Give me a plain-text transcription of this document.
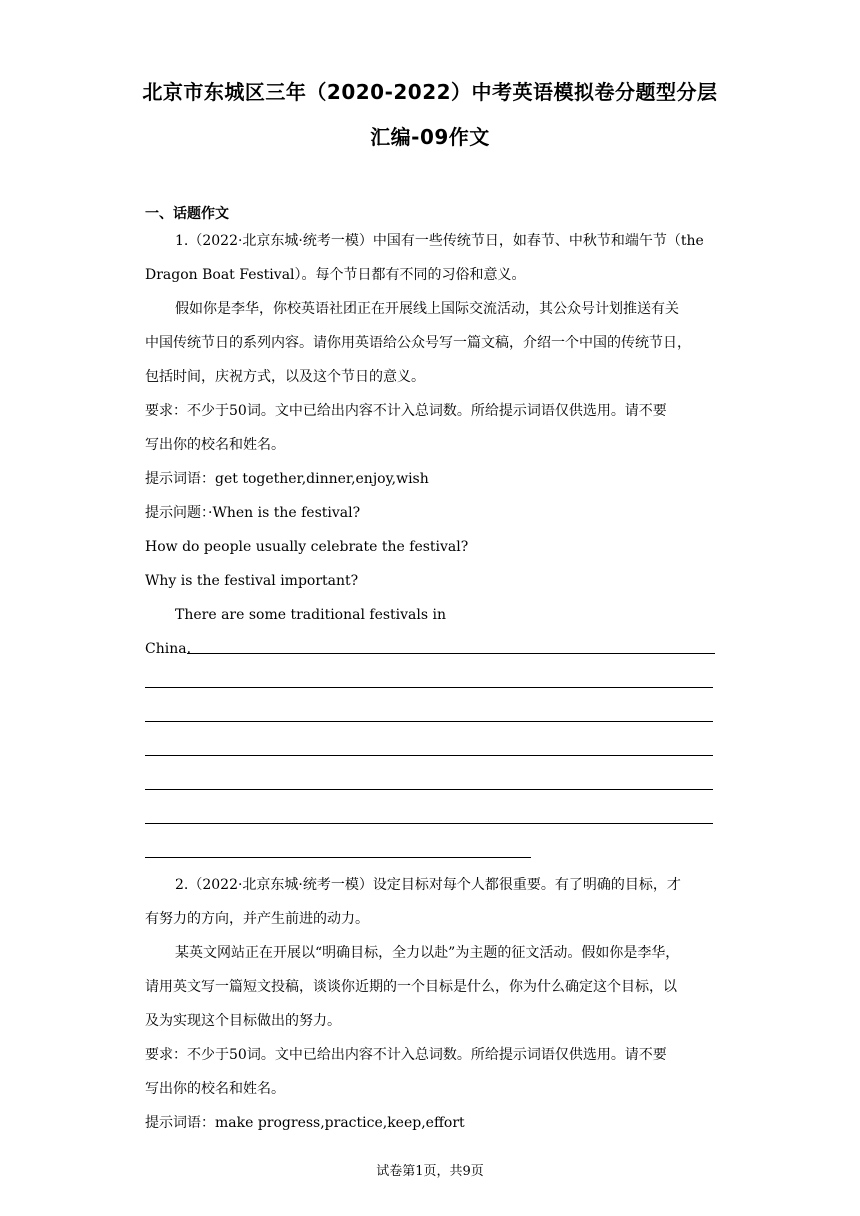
北京市东城区三年（2020-2022）中考英语模拟卷分题型分层
汇编-09作文
一、话题作文
1.（2022·北京东城·统考一模）中国有一些传统节日，如春节、中秋节和端午节（the
Dragon Boat Festival）。每个节日都有不同的习俗和意义。
假如你是李华，你校英语社团正在开展线上国际交流活动，其公众号计划推送有关
中国传统节日的系列内容。请你用英语给公众号写一篇文稿，介绍一个中国的传统节日，
包括时间，庆祝方式，以及这个节日的意义。
要求：不少于50词。文中已给出内容不计入总词数。所给提示词语仅供选用。请不要
写出你的校名和姓名。
提示词语：get together,dinner,enjoy,wish
提示问题：·When is the festival?
How do people usually celebrate the festival?
Why is the festival important?
There are some traditional festivals in
China.
2.（2022·北京东城·统考一模）设定目标对每个人都很重要。有了明确的目标，才
有努力的方向，并产生前进的动力。
某英文网站正在开展以“明确目标，全力以赴”为主题的征文活动。假如你是李华，
请用英文写一篇短文投稿，谈谈你近期的一个目标是什么，你为什么确定这个目标，以
及为实现这个目标做出的努力。
要求：不少于50词。文中已给出内容不计入总词数。所给提示词语仅供选用。请不要
写出你的校名和姓名。
提示词语：make progress,practice,keep,effort
试卷第1页，共9页
